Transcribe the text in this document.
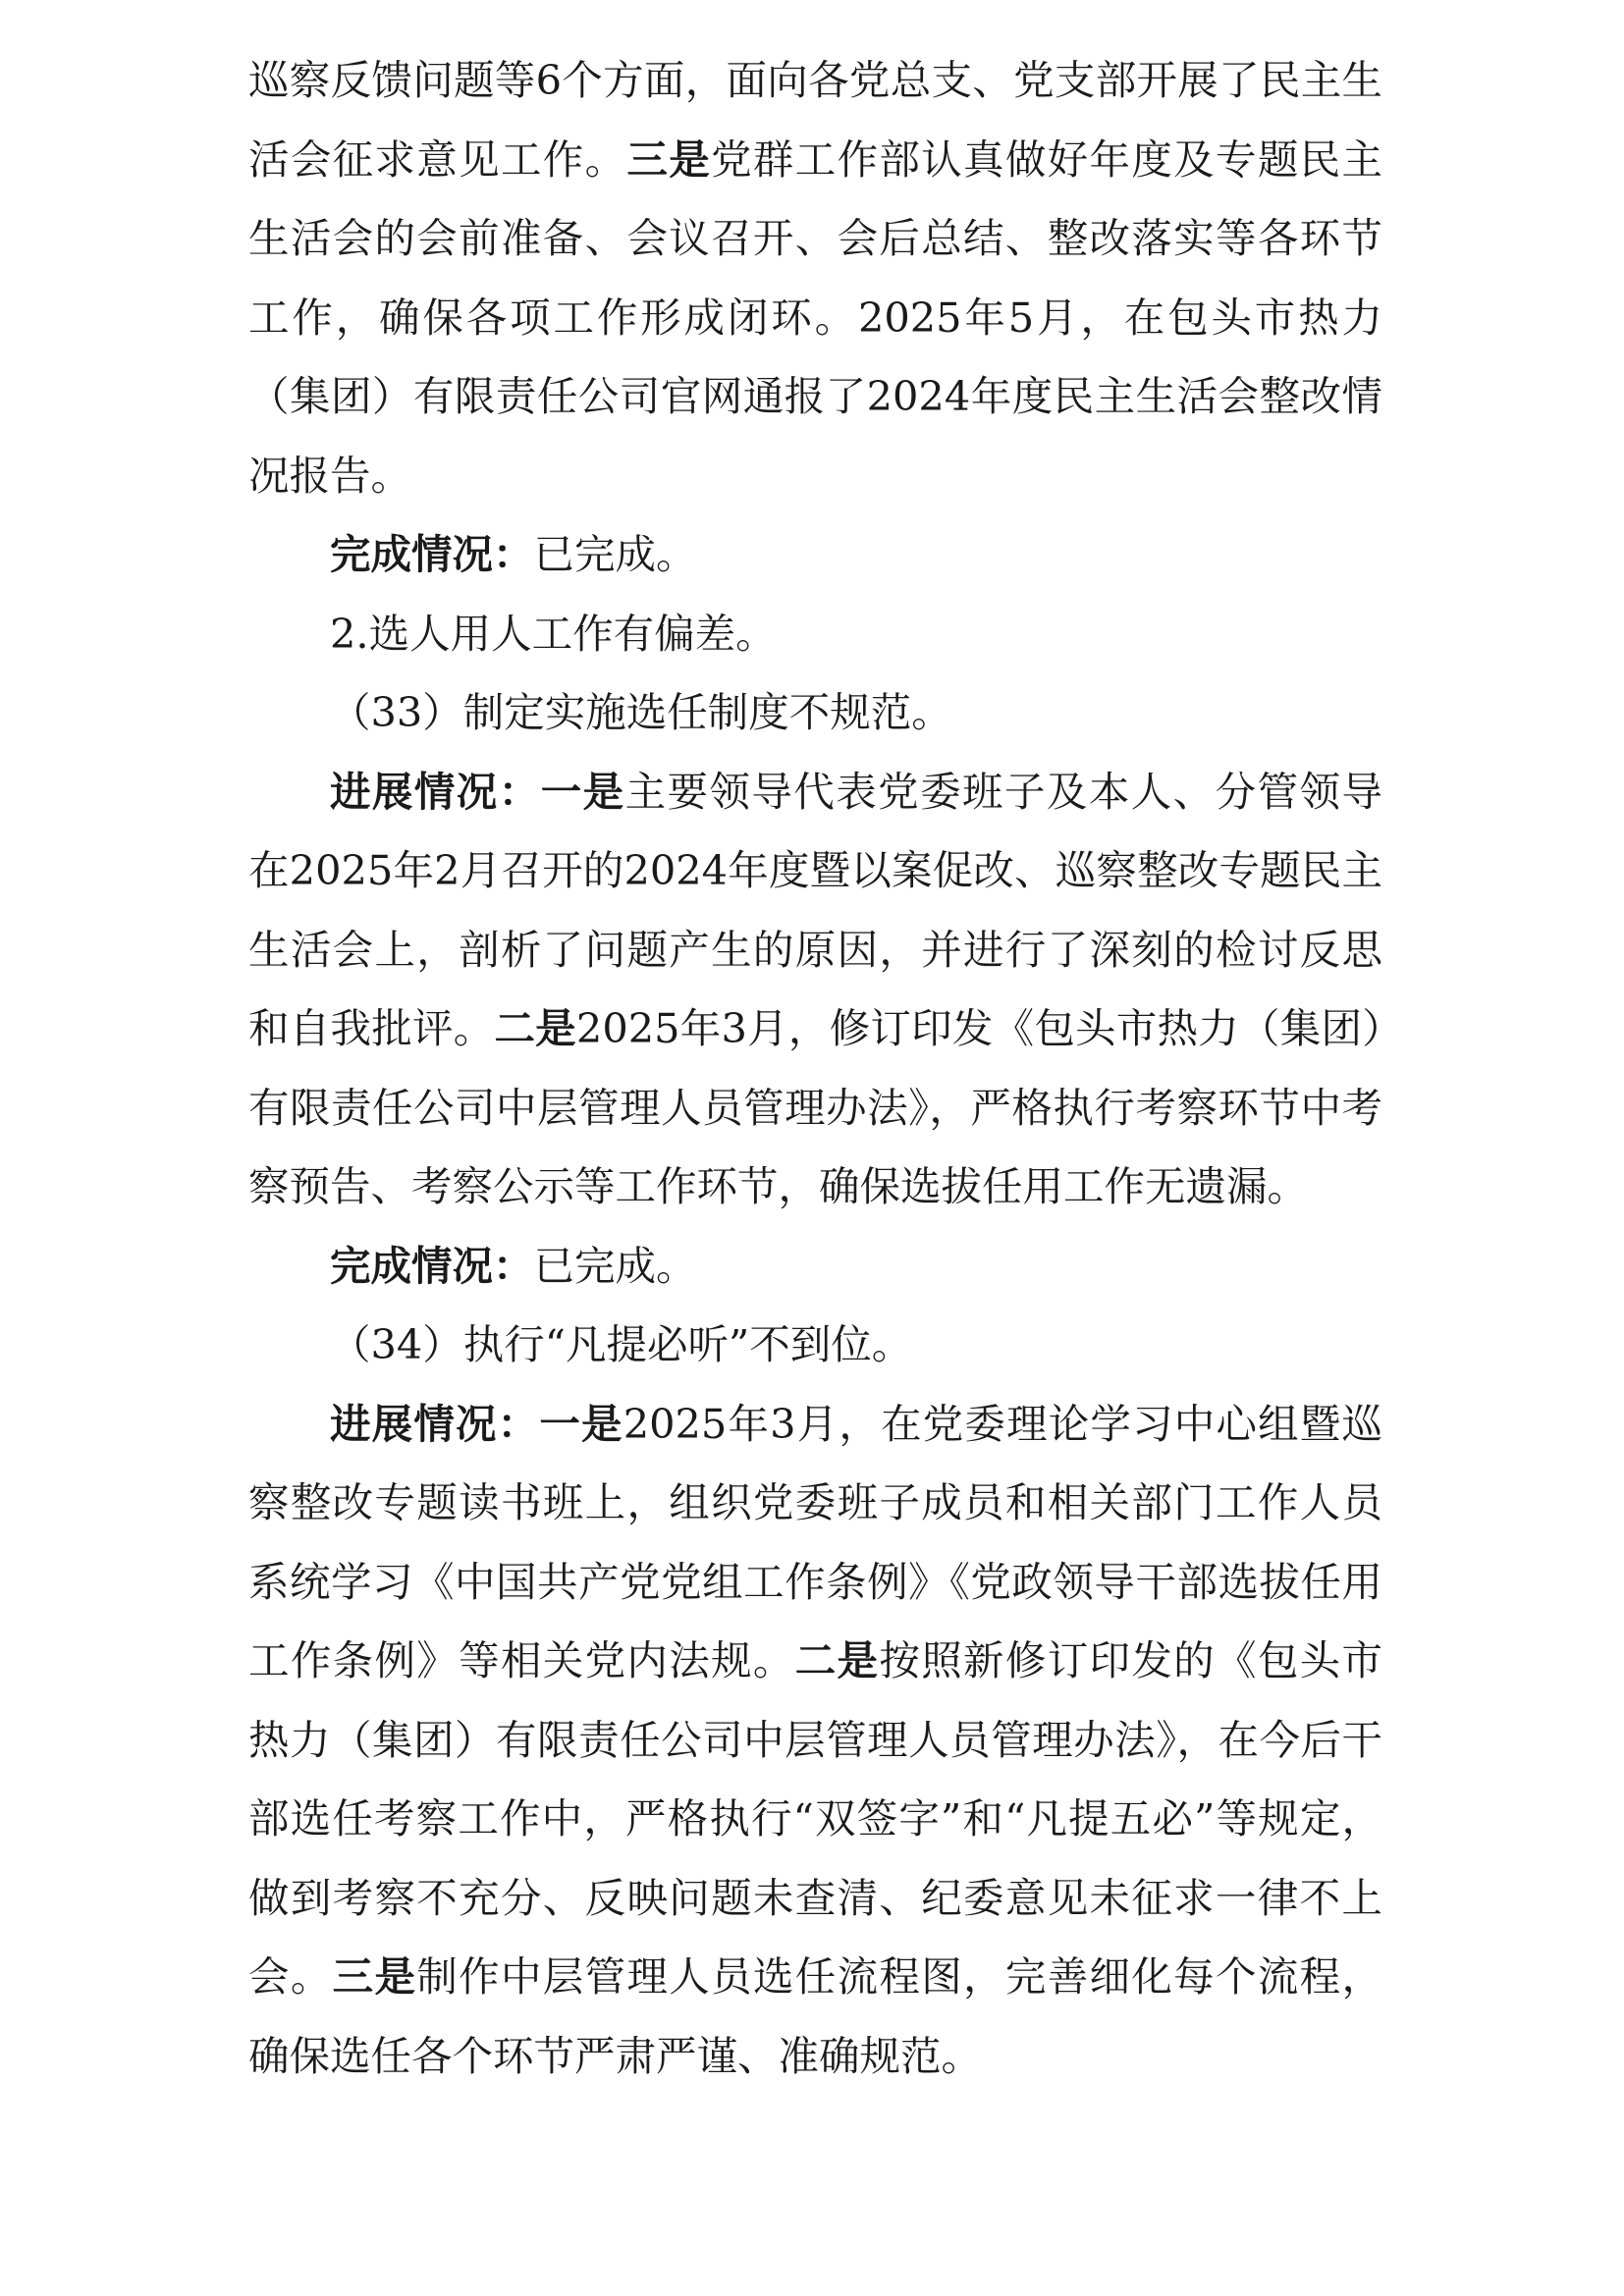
巡察反馈问题等6个方面，面向各党总支、党支部开展了民主生活会征求意见工作。三是党群工作部认真做好年度及专题民主生活会的会前准备、会议召开、会后总结、整改落实等各环节工作，确保各项工作形成闭环。2025年5月，在包头市热力（集团）有限责任公司官网通报了2024年度民主生活会整改情况报告。

完成情况：已完成。

2.选人用人工作有偏差。

（33）制定实施选任制度不规范。

进展情况：一是主要领导代表党委班子及本人、分管领导在2025年2月召开的2024年度暨以案促改、巡察整改专题民主生活会上，剖析了问题产生的原因，并进行了深刻的检讨反思和自我批评。二是2025年3月，修订印发《包头市热力（集团）有限责任公司中层管理人员管理办法》，严格执行考察环节中考察预告、考察公示等工作环节，确保选拔任用工作无遗漏。

完成情况：已完成。

（34）执行“凡提必听”不到位。

进展情况：一是2025年3月，在党委理论学习中心组暨巡察整改专题读书班上，组织党委班子成员和相关部门工作人员系统学习《中国共产党党组工作条例》《党政领导干部选拔任用工作条例》等相关党内法规。二是按照新修订印发的《包头市热力（集团）有限责任公司中层管理人员管理办法》，在今后干部选任考察工作中，严格执行“双签字”和“凡提五必”等规定，做到考察不充分、反映问题未查清、纪委意见未征求一律不上会。三是制作中层管理人员选任流程图，完善细化每个流程，确保选任各个环节严肃严谨、准确规范。
